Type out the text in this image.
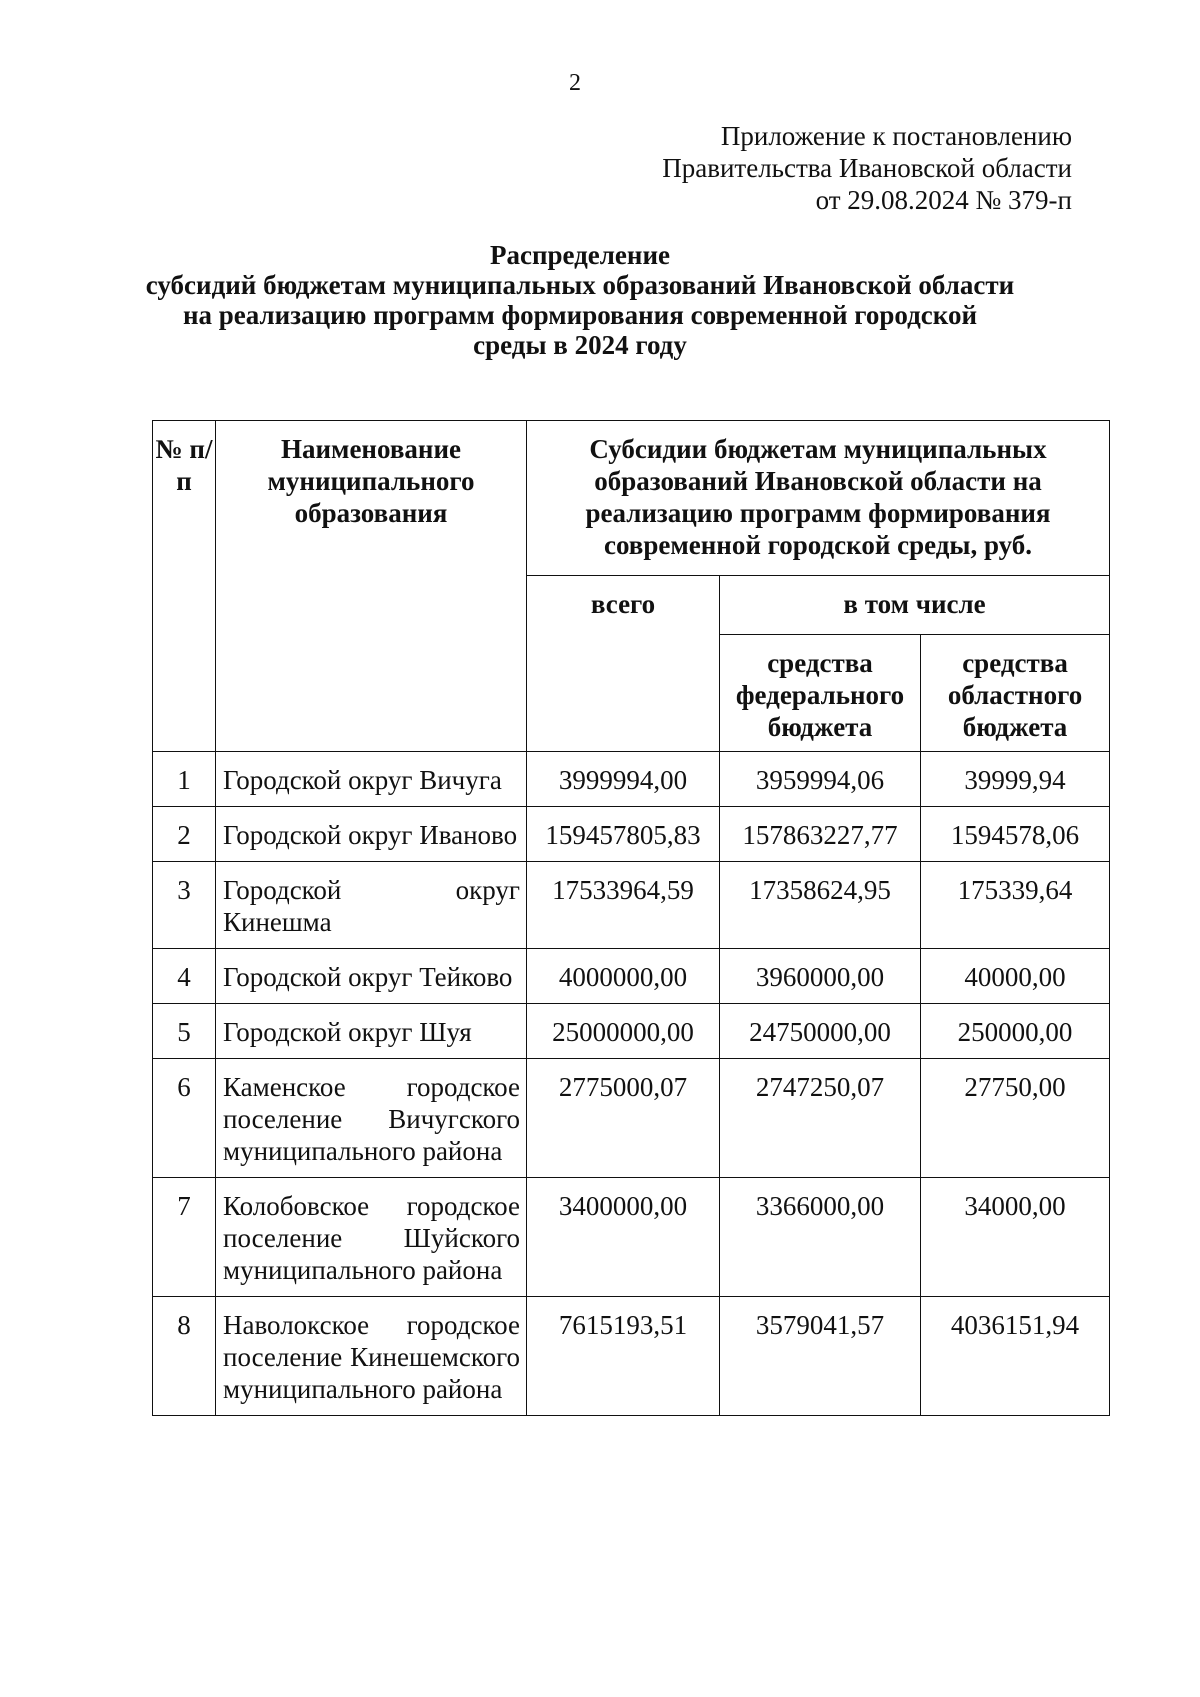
2
Приложение к постановлению
Правительства Ивановской области
от 29.08.2024 № 379-п
Распределение
субсидий бюджетам муниципальных образований Ивановской области
на реализацию программ формирования современной городской
среды в 2024 году
№ п/п	Наименование муниципального образования	Субсидии бюджетам муниципальных образований Ивановской области на реализацию программ формирования современной городской среды, руб.		
		всего	в том числе	
			средства федерального бюджета	средства областного бюджета
1	Городской округ Вичуга	3999994,00	3959994,06	39999,94
2	Городской округ Иваново	159457805,83	157863227,77	1594578,06
3	Городской округ Кинешма	17533964,59	17358624,95	175339,64
4	Городской округ Тейково	4000000,00	3960000,00	40000,00
5	Городской округ Шуя	25000000,00	24750000,00	250000,00
6	Каменское городское поселение Вичугского муниципального района	2775000,07	2747250,07	27750,00
7	Колобовское городское поселение Шуйского муниципального района	3400000,00	3366000,00	34000,00
8	Наволокское городское поселение Кинешемского муниципального района	7615193,51	3579041,57	4036151,94
